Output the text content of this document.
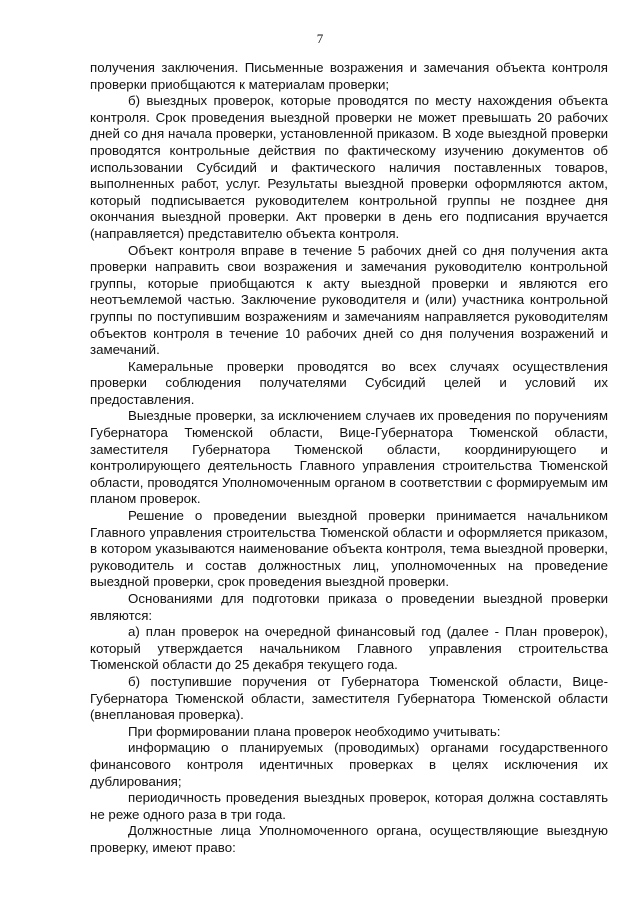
7

получения заключения. Письменные возражения и замечания объекта контроля проверки приобщаются к материалам проверки;

б) выездных проверок, которые проводятся по месту нахождения объекта контроля. Срок проведения выездной проверки не может превышать 20 рабочих дней со дня начала проверки, установленной приказом. В ходе выездной проверки проводятся контрольные действия по фактическому изучению документов об использовании Субсидий и фактического наличия поставленных товаров, выполненных работ, услуг. Результаты выездной проверки оформляются актом, который подписывается руководителем контрольной группы не позднее дня окончания выездной проверки. Акт проверки в день его подписания вручается (направляется) представителю объекта контроля.

Объект контроля вправе в течение 5 рабочих дней со дня получения акта проверки направить свои возражения и замечания руководителю контрольной группы, которые приобщаются к акту выездной проверки и являются его неотъемлемой частью. Заключение руководителя и (или) участника контрольной группы по поступившим возражениям и замечаниям направляется руководителям объектов контроля в течение 10 рабочих дней со дня получения возражений и замечаний.

Камеральные проверки проводятся во всех случаях осуществления проверки соблюдения получателями Субсидий целей и условий их предоставления.

Выездные проверки, за исключением случаев их проведения по поручениям Губернатора Тюменской области, Вице-Губернатора Тюменской области, заместителя Губернатора Тюменской области, координирующего и контролирующего деятельность Главного управления строительства Тюменской области, проводятся Уполномоченным органом в соответствии с формируемым им планом проверок.

Решение о проведении выездной проверки принимается начальником Главного управления строительства Тюменской области и оформляется приказом, в котором указываются наименование объекта контроля, тема выездной проверки, руководитель и состав должностных лиц, уполномоченных на проведение выездной проверки, срок проведения выездной проверки.

Основаниями для подготовки приказа о проведении выездной проверки являются:

а) план проверок на очередной финансовый год (далее - План проверок), который утверждается начальником Главного управления строительства Тюменской области до 25 декабря текущего года.

б) поступившие поручения от Губернатора Тюменской области, Вице-Губернатора Тюменской области, заместителя Губернатора Тюменской области (внеплановая проверка).

При формировании плана проверок необходимо учитывать:

информацию о планируемых (проводимых) органами государственного финансового контроля идентичных проверках в целях исключения их дублирования;

периодичность проведения выездных проверок, которая должна составлять не реже одного раза в три года.

Должностные лица Уполномоченного органа, осуществляющие выездную проверку, имеют право:
